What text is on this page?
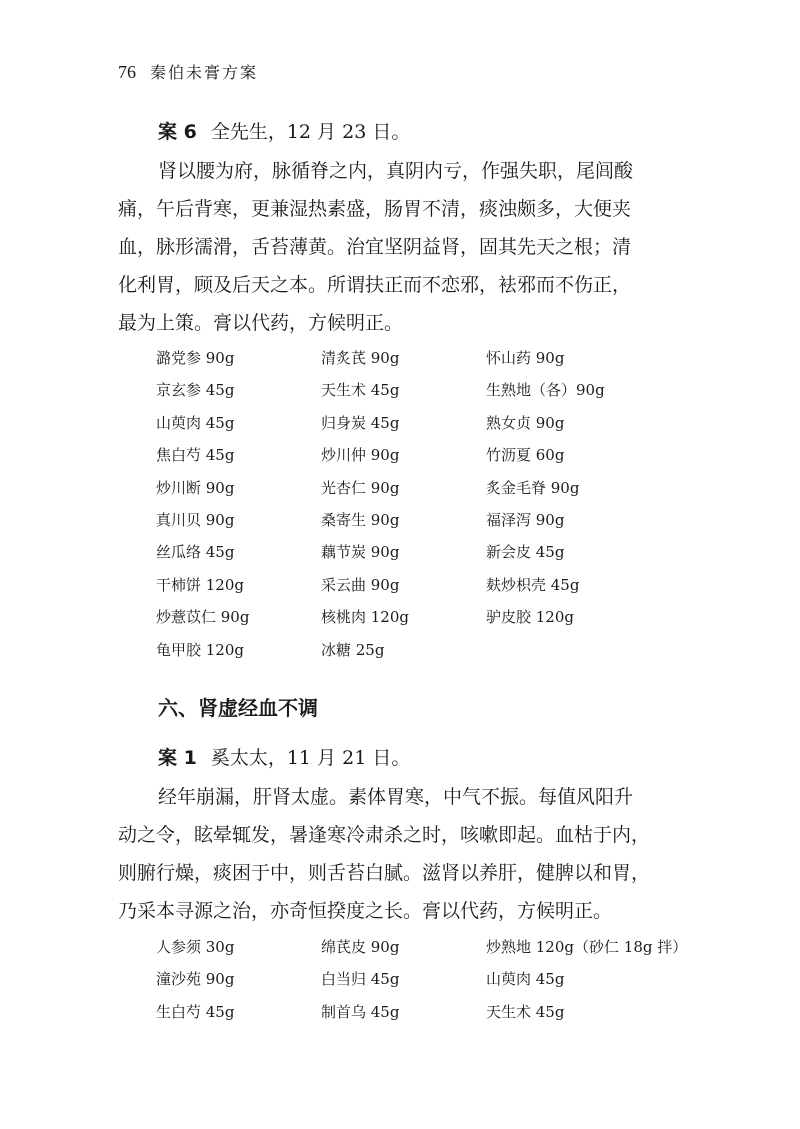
76 秦伯未膏方案
案 6 全先生，12 月 23 日。
肾以腰为府，脉循脊之内，真阴内亏，作强失职，尾闾酸
痛，午后背寒，更兼湿热素盛，肠胃不清，痰浊颇多，大便夹
血，脉形濡滑，舌苔薄黄。治宜坚阴益肾，固其先天之根；清
化利胃，顾及后天之本。所谓扶正而不恋邪，袪邪而不伤正，
最为上策。膏以代药，方候明正。
潞党参 90g	清炙芪 90g	怀山药 90g
京玄参 45g	天生术 45g	生熟地（各）90g
山萸肉 45g	归身炭 45g	熟女贞 90g
焦白芍 45g	炒川仲 90g	竹沥夏 60g
炒川断 90g	光杏仁 90g	炙金毛脊 90g
真川贝 90g	桑寄生 90g	福泽泻 90g
丝瓜络 45g	藕节炭 90g	新会皮 45g
干柿饼 120g	采云曲 90g	麸炒枳壳 45g
炒薏苡仁 90g	核桃肉 120g	驴皮胶 120g
龟甲胶 120g	冰糖 25g
六、肾虚经血不调
案 1 奚太太，11 月 21 日。
经年崩漏，肝肾太虚。素体胃寒，中气不振。每值风阳升
动之令，眩晕辄发，暑逢寒冷肃杀之时，咳嗽即起。血枯于内，
则腑行燥，痰困于中，则舌苔白腻。滋肾以养肝，健脾以和胃，
乃采本寻源之治，亦奇恒揆度之长。膏以代药，方候明正。
人参须 30g	绵芪皮 90g	炒熟地 120g（砂仁 18g 拌）
潼沙苑 90g	白当归 45g	山萸肉 45g
生白芍 45g	制首乌 45g	天生术 45g
